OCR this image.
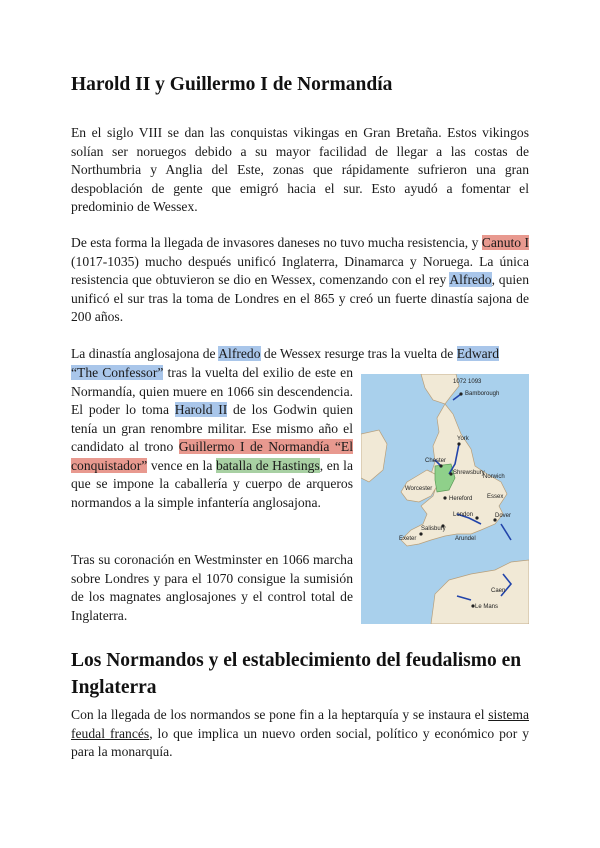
Harold II y Guillermo I de Normandía

En el siglo VIII se dan las conquistas vikingas en Gran Bretaña. Estos vikingos solían ser noruegos debido a su mayor facilidad de llegar a las costas de Northumbria y Anglia del Este, zonas que rápidamente sufrieron una gran despoblación de gente que emigró hacia el sur. Esto ayudó a fomentar el predominio de Wessex.

De esta forma la llegada de invasores daneses no tuvo mucha resistencia, y Canuto I (1017-1035) mucho después unificó Inglaterra, Dinamarca y Noruega. La única resistencia que obtuvieron se dio en Wessex, comenzando con el rey Alfredo, quien unificó el sur tras la toma de Londres en el 865 y creó un fuerte dinastía sajona de 200 años.

La dinastía anglosajona de Alfredo de Wessex resurge tras la vuelta de Edward

“The Confessor” tras la vuelta del exilio de este en Normandía, quien muere en 1066 sin descendencia. El poder lo toma Harold II de los Godwin quien tenía un gran renombre militar. Ese mismo año el candidato al trono Guillermo I de Normandía “El conquistador” vence en la batalla de Hastings, en la que se impone la caballería y cuerpo de arqueros normandos a la simple infantería anglosajona.

Tras su coronación en Westminster en 1066 marcha sobre Londres y para el 1070 consigue la sumisión de los magnates anglosajones y el control total de Inglaterra.

1072 1093
Bamborough
York
Chester
Shrewsbury
Norwich
Hereford Essex
Worcester
London	Dover
Salisbury
Arundel
Exeter
Caen
Le Mans
Los Normandos y el establecimiento del feudalismo en Inglaterra

Con la llegada de los normandos se pone fin a la heptarquía y se instaura el sistema feudal francés, lo que implica un nuevo orden social, político y económico por y para la monarquía.
